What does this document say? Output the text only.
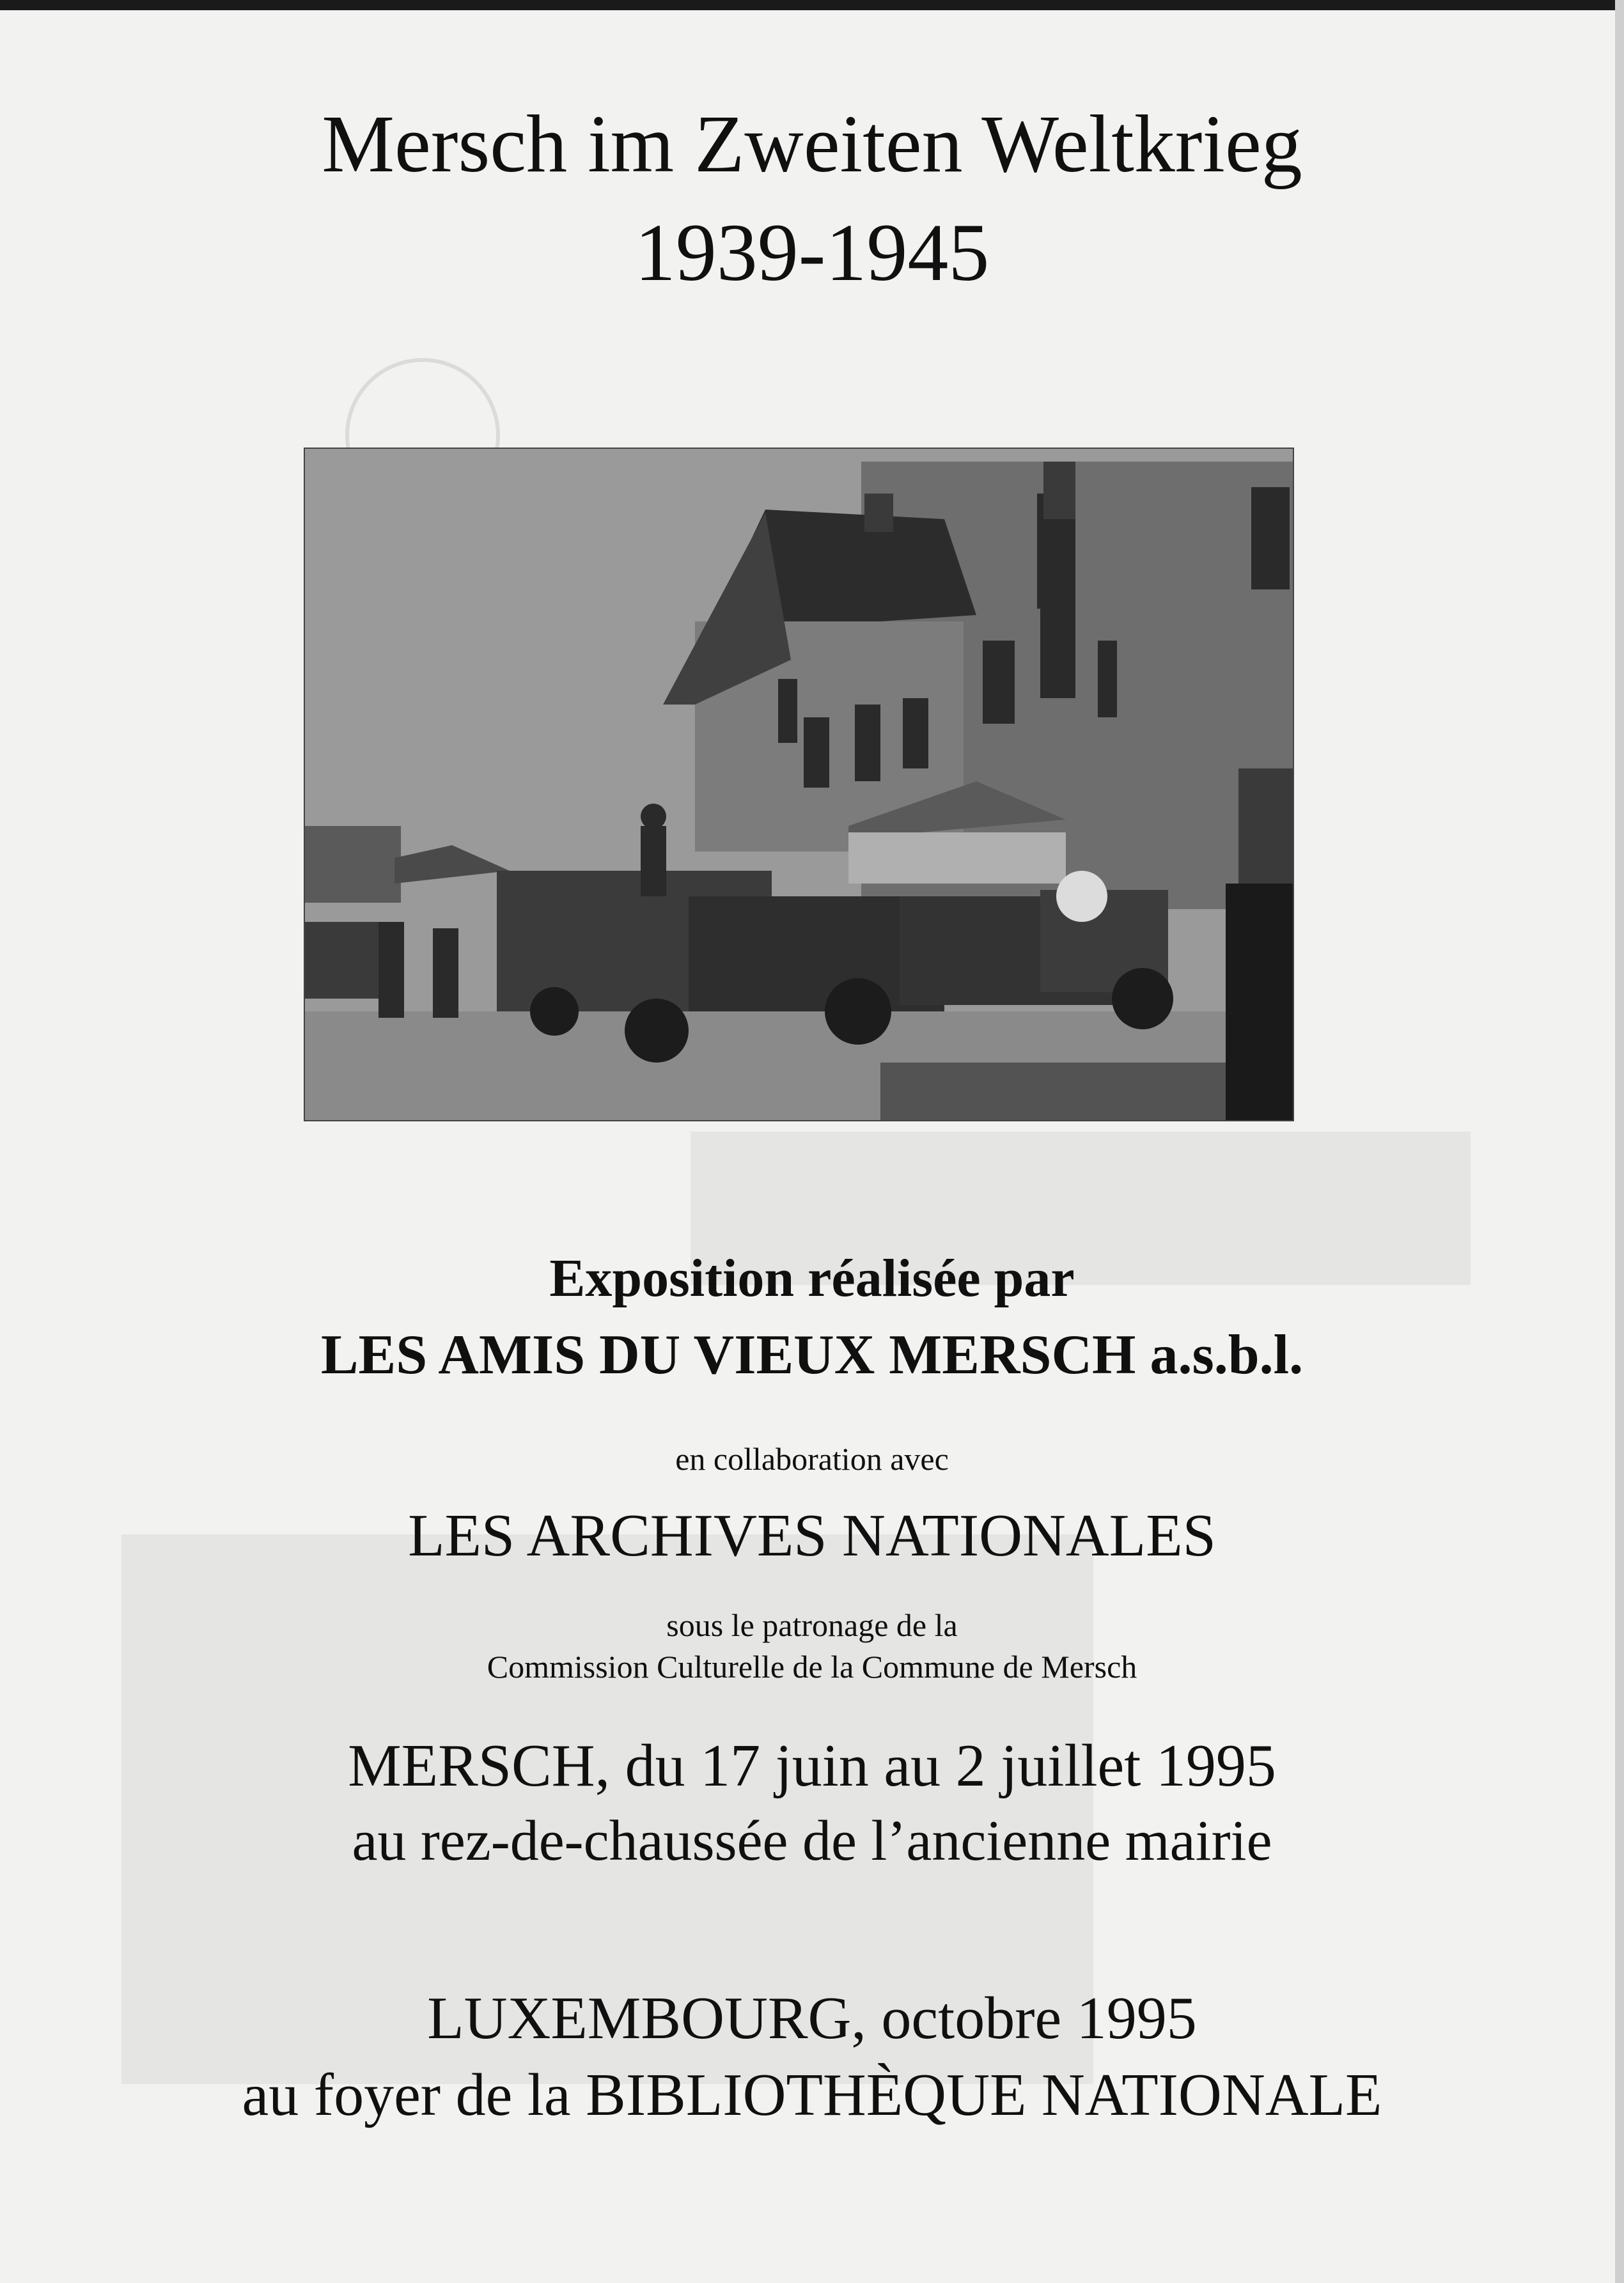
Mersch im Zweiten Weltkrieg
1939-1945
Exposition réalisée par
LES AMIS DU VIEUX MERSCH a.s.b.l.
en collaboration avec
LES ARCHIVES NATIONALES
sous le patronage de la
Commission Culturelle de la Commune de Mersch
MERSCH, du 17 juin au 2 juillet 1995
au rez-de-chaussée de l’ancienne mairie
LUXEMBOURG, octobre 1995
au foyer de la BIBLIOTHÈQUE NATIONALE
